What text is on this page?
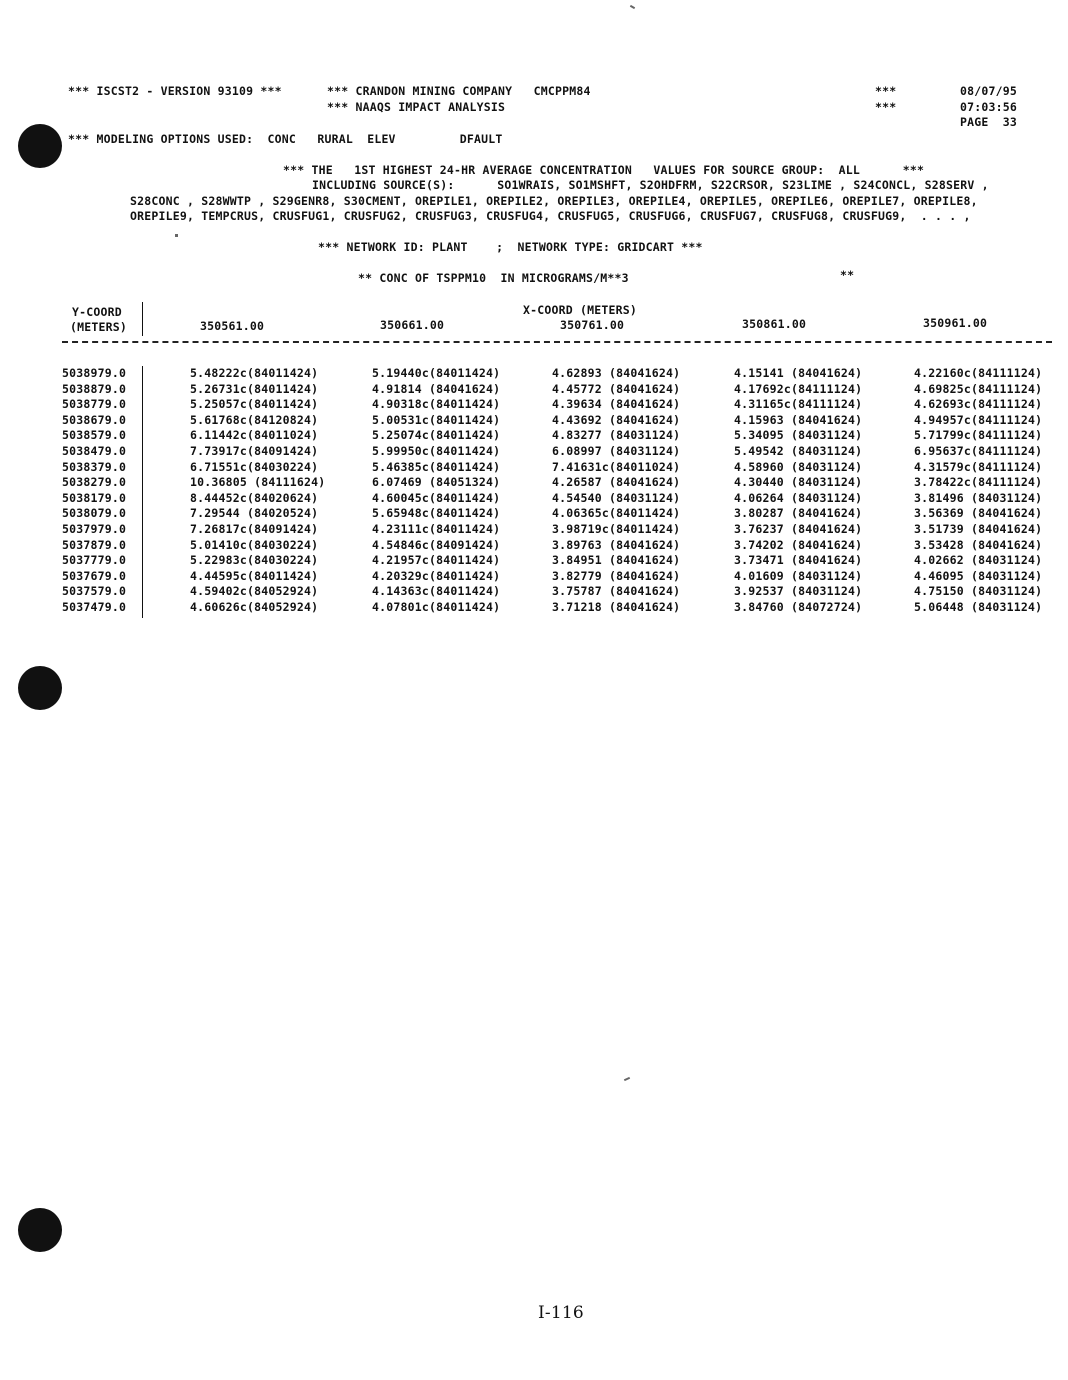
*** ISCST2 - VERSION 93109 ***	*** CRANDON MINING COMPANY   CMCPPM84
*** NAAQS IMPACT ANALYSIS
***
***
08/07/95
07:03:56
PAGE  33
*** MODELING OPTIONS USED:  CONC   RURAL  ELEV         DFAULT
*** THE   1ST HIGHEST 24-HR AVERAGE CONCENTRATION   VALUES FOR SOURCE GROUP:  ALL      ***
INCLUDING SOURCE(S):      SO1WRAIS, SO1MSHFT, S2OHDFRM, S22CRSOR, S23LIME , S24CONCL, S28SERV ,
S28CONC , S28WWTP , S29GENR8, S30CMENT, OREPILE1, OREPILE2, OREPILE3, OREPILE4, OREPILE5, OREPILE6, OREPILE7, OREPILE8,
OREPILE9, TEMPCRUS, CRUSFUG1, CRUSFUG2, CRUSFUG3, CRUSFUG4, CRUSFUG5, CRUSFUG6, CRUSFUG7, CRUSFUG8, CRUSFUG9,  . . . ,
*** NETWORK ID: PLANT    ;  NETWORK TYPE: GRIDCART ***
** CONC OF TSPPM10  IN MICROGRAMS/M**3	**
Y-COORD
(METERS)
X-COORD (METERS)
350561.00	350661.00	350761.00	350861.00	350961.00
5038979.0	5.48222c(84011424)	5.19440c(84011424)	4.62893 (84041624)	4.15141 (84041624)	4.22160c(84111124)
5038879.0	5.26731c(84011424)	4.91814 (84041624)	4.45772 (84041624)	4.17692c(84111124)	4.69825c(84111124)
5038779.0	5.25057c(84011424)	4.90318c(84011424)	4.39634 (84041624)	4.31165c(84111124)	4.62693c(84111124)
5038679.0	5.61768c(84120824)	5.00531c(84011424)	4.43692 (84041624)	4.15963 (84041624)	4.94957c(84111124)
5038579.0	6.11442c(84011024)	5.25074c(84011424)	4.83277 (84031124)	5.34095 (84031124)	5.71799c(84111124)
5038479.0	7.73917c(84091424)	5.99950c(84011424)	6.08997 (84031124)	5.49542 (84031124)	6.95637c(84111124)
5038379.0	6.71551c(84030224)	5.46385c(84011424)	7.41631c(84011024)	4.58960 (84031124)	4.31579c(84111124)
5038279.0	10.36805 (84111624)	6.07469 (84051324)	4.26587 (84041624)	4.30440 (84031124)	3.78422c(84111124)
5038179.0	8.44452c(84020624)	4.60045c(84011424)	4.54540 (84031124)	4.06264 (84031124)	3.81496 (84031124)
5038079.0	7.29544 (84020524)	5.65948c(84011424)	4.06365c(84011424)	3.80287 (84041624)	3.56369 (84041624)
5037979.0	7.26817c(84091424)	4.23111c(84011424)	3.98719c(84011424)	3.76237 (84041624)	3.51739 (84041624)
5037879.0	5.01410c(84030224)	4.54846c(84091424)	3.89763 (84041624)	3.74202 (84041624)	3.53428 (84041624)
5037779.0	5.22983c(84030224)	4.21957c(84011424)	3.84951 (84041624)	3.73471 (84041624)	4.02662 (84031124)
5037679.0	4.44595c(84011424)	4.20329c(84011424)	3.82779 (84041624)	4.01609 (84031124)	4.46095 (84031124)
5037579.0	4.59402c(84052924)	4.14363c(84011424)	3.75787 (84041624)	3.92537 (84031124)	4.75150 (84031124)
5037479.0	4.60626c(84052924)	4.07801c(84011424)	3.71218 (84041624)	3.84760 (84072724)	5.06448 (84031124)
I-116
